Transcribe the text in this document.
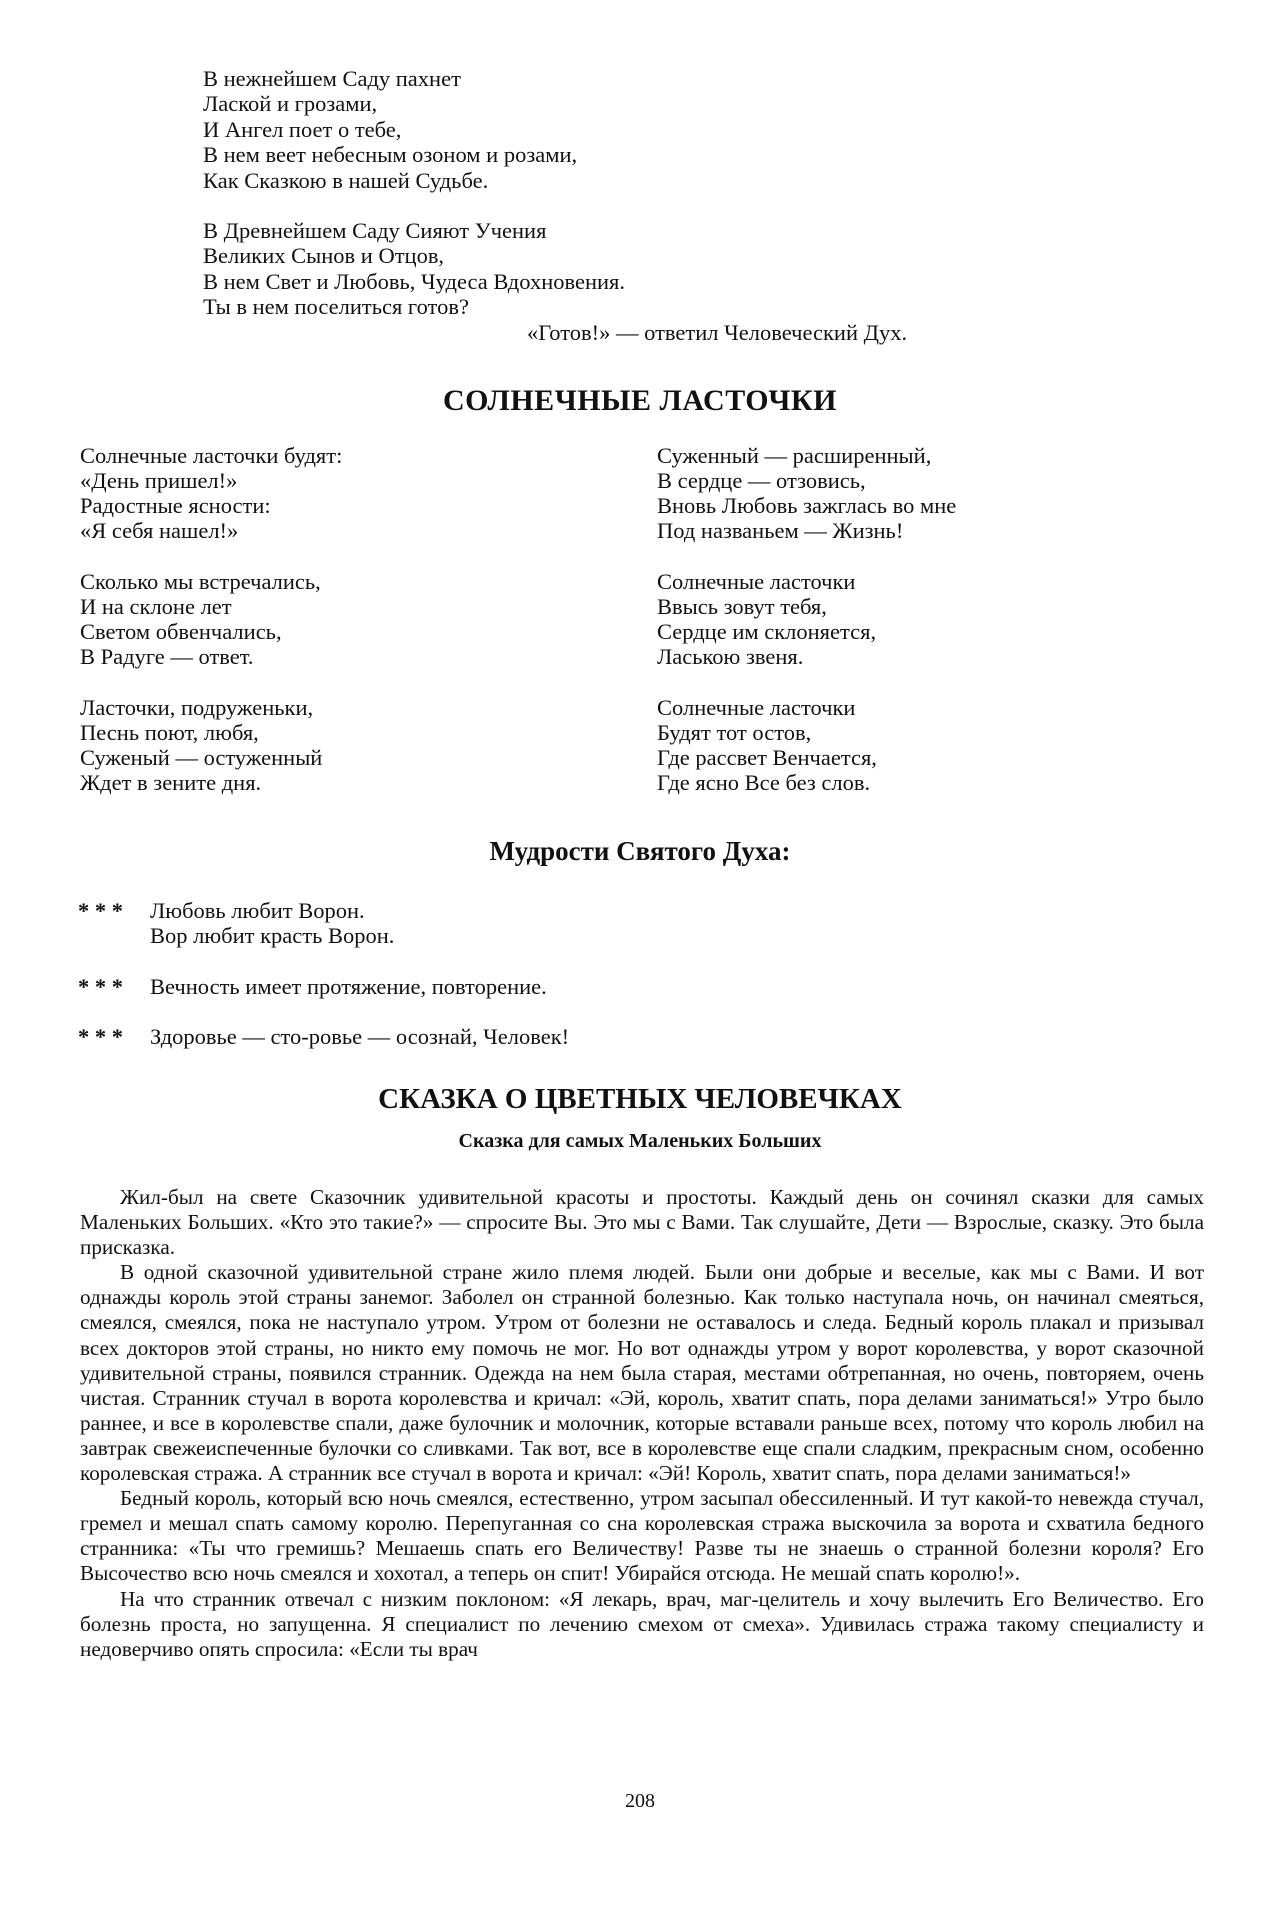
В нежнейшем Саду пахнет
Лаской и грозами,
И Ангел поет о тебе,
В нем веет небесным озоном и розами,
Как Сказкою в нашей Судьбе.
В Древнейшем Саду Сияют Учения
Великих Сынов и Отцов,
В нем Свет и Любовь, Чудеса Вдохновения.
Ты в нем поселиться готов?

«Готов!» — ответил Человеческий Дух.

СОЛНЕЧНЫЕ ЛАСТОЧКИ
Солнечные ласточки будят:
«День пришел!»
Радостные ясности:
«Я себя нашел!»
Сколько мы встречались,
И на склоне лет
Светом обвенчались,
В Радуге — ответ.
Ласточки, подруженьки,
Песнь поют, любя,
Суженый — остуженный
Ждет в зените дня.
Суженный — расширенный,
В сердце — отзовись,
Вновь Любовь зажглась во мне
Под названьем — Жизнь!
Солнечные ласточки
Ввысь зовут тебя,
Сердце им склоняется,
Лаською звеня.
Солнечные ласточки
Будят тот остов,
Где рассвет Венчается,
Где ясно Все без слов.
Мудрости Святого Духа:
* * * Любовь любит Ворон.
Вор любит красть Ворон.
* * * Вечность имеет протяжение, повторение.
* * * Здоровье — сто-ровье — осознай, Человек!
СКАЗКА О ЦВЕТНЫХ ЧЕЛОВЕЧКАХ
Сказка для самых Маленьких Больших

Жил-был на свете Сказочник удивительной красоты и простоты. Каждый день он сочинял сказки для самых Маленьких Больших. «Кто это такие?» — спросите Вы. Это мы с Вами. Так слушайте, Дети — Взрослые, сказку. Это была присказка.

В одной сказочной удивительной стране жило племя людей. Были они добрые и веселые, как мы с Вами. И вот однажды король этой страны занемог. Заболел он странной болезнью. Как только наступала ночь, он начинал смеяться, смеялся, смеялся, пока не наступало утром. Утром от болезни не оставалось и следа. Бедный король плакал и призывал всех докторов этой страны, но никто ему помочь не мог. Но вот однажды утром у ворот королевства, у ворот сказочной удивительной страны, появился странник. Одежда на нем была старая, местами обтрепанная, но очень, повторяем, очень чистая. Странник стучал в ворота королевства и кричал: «Эй, король, хватит спать, пора делами заниматься!» Утро было раннее, и все в королевстве спали, даже булочник и молочник, которые вставали раньше всех, потому что король любил на завтрак свежеиспеченные булочки со сливками. Так вот, все в королевстве еще спали сладким, прекрасным сном, особенно королевская стража. А странник все стучал в ворота и кричал: «Эй! Король, хватит спать, пора делами заниматься!»

Бедный король, который всю ночь смеялся, естественно, утром засыпал обессиленный. И тут какой-то невежда стучал, гремел и мешал спать самому королю. Перепуганная со сна королевская стража выскочила за ворота и схватила бедного странника: «Ты что гремишь? Мешаешь спать его Величеству! Разве ты не знаешь о странной болезни короля? Его Высочество всю ночь смеялся и хохотал, а теперь он спит! Убирайся отсюда. Не мешай спать королю!».

На что странник отвечал с низким поклоном: «Я лекарь, врач, маг-целитель и хочу вылечить Его Величество. Его болезнь проста, но запущенна. Я специалист по лечению смехом от смеха». Удивилась стража такому специалисту и недоверчиво опять спросила: «Если ты врач

208
